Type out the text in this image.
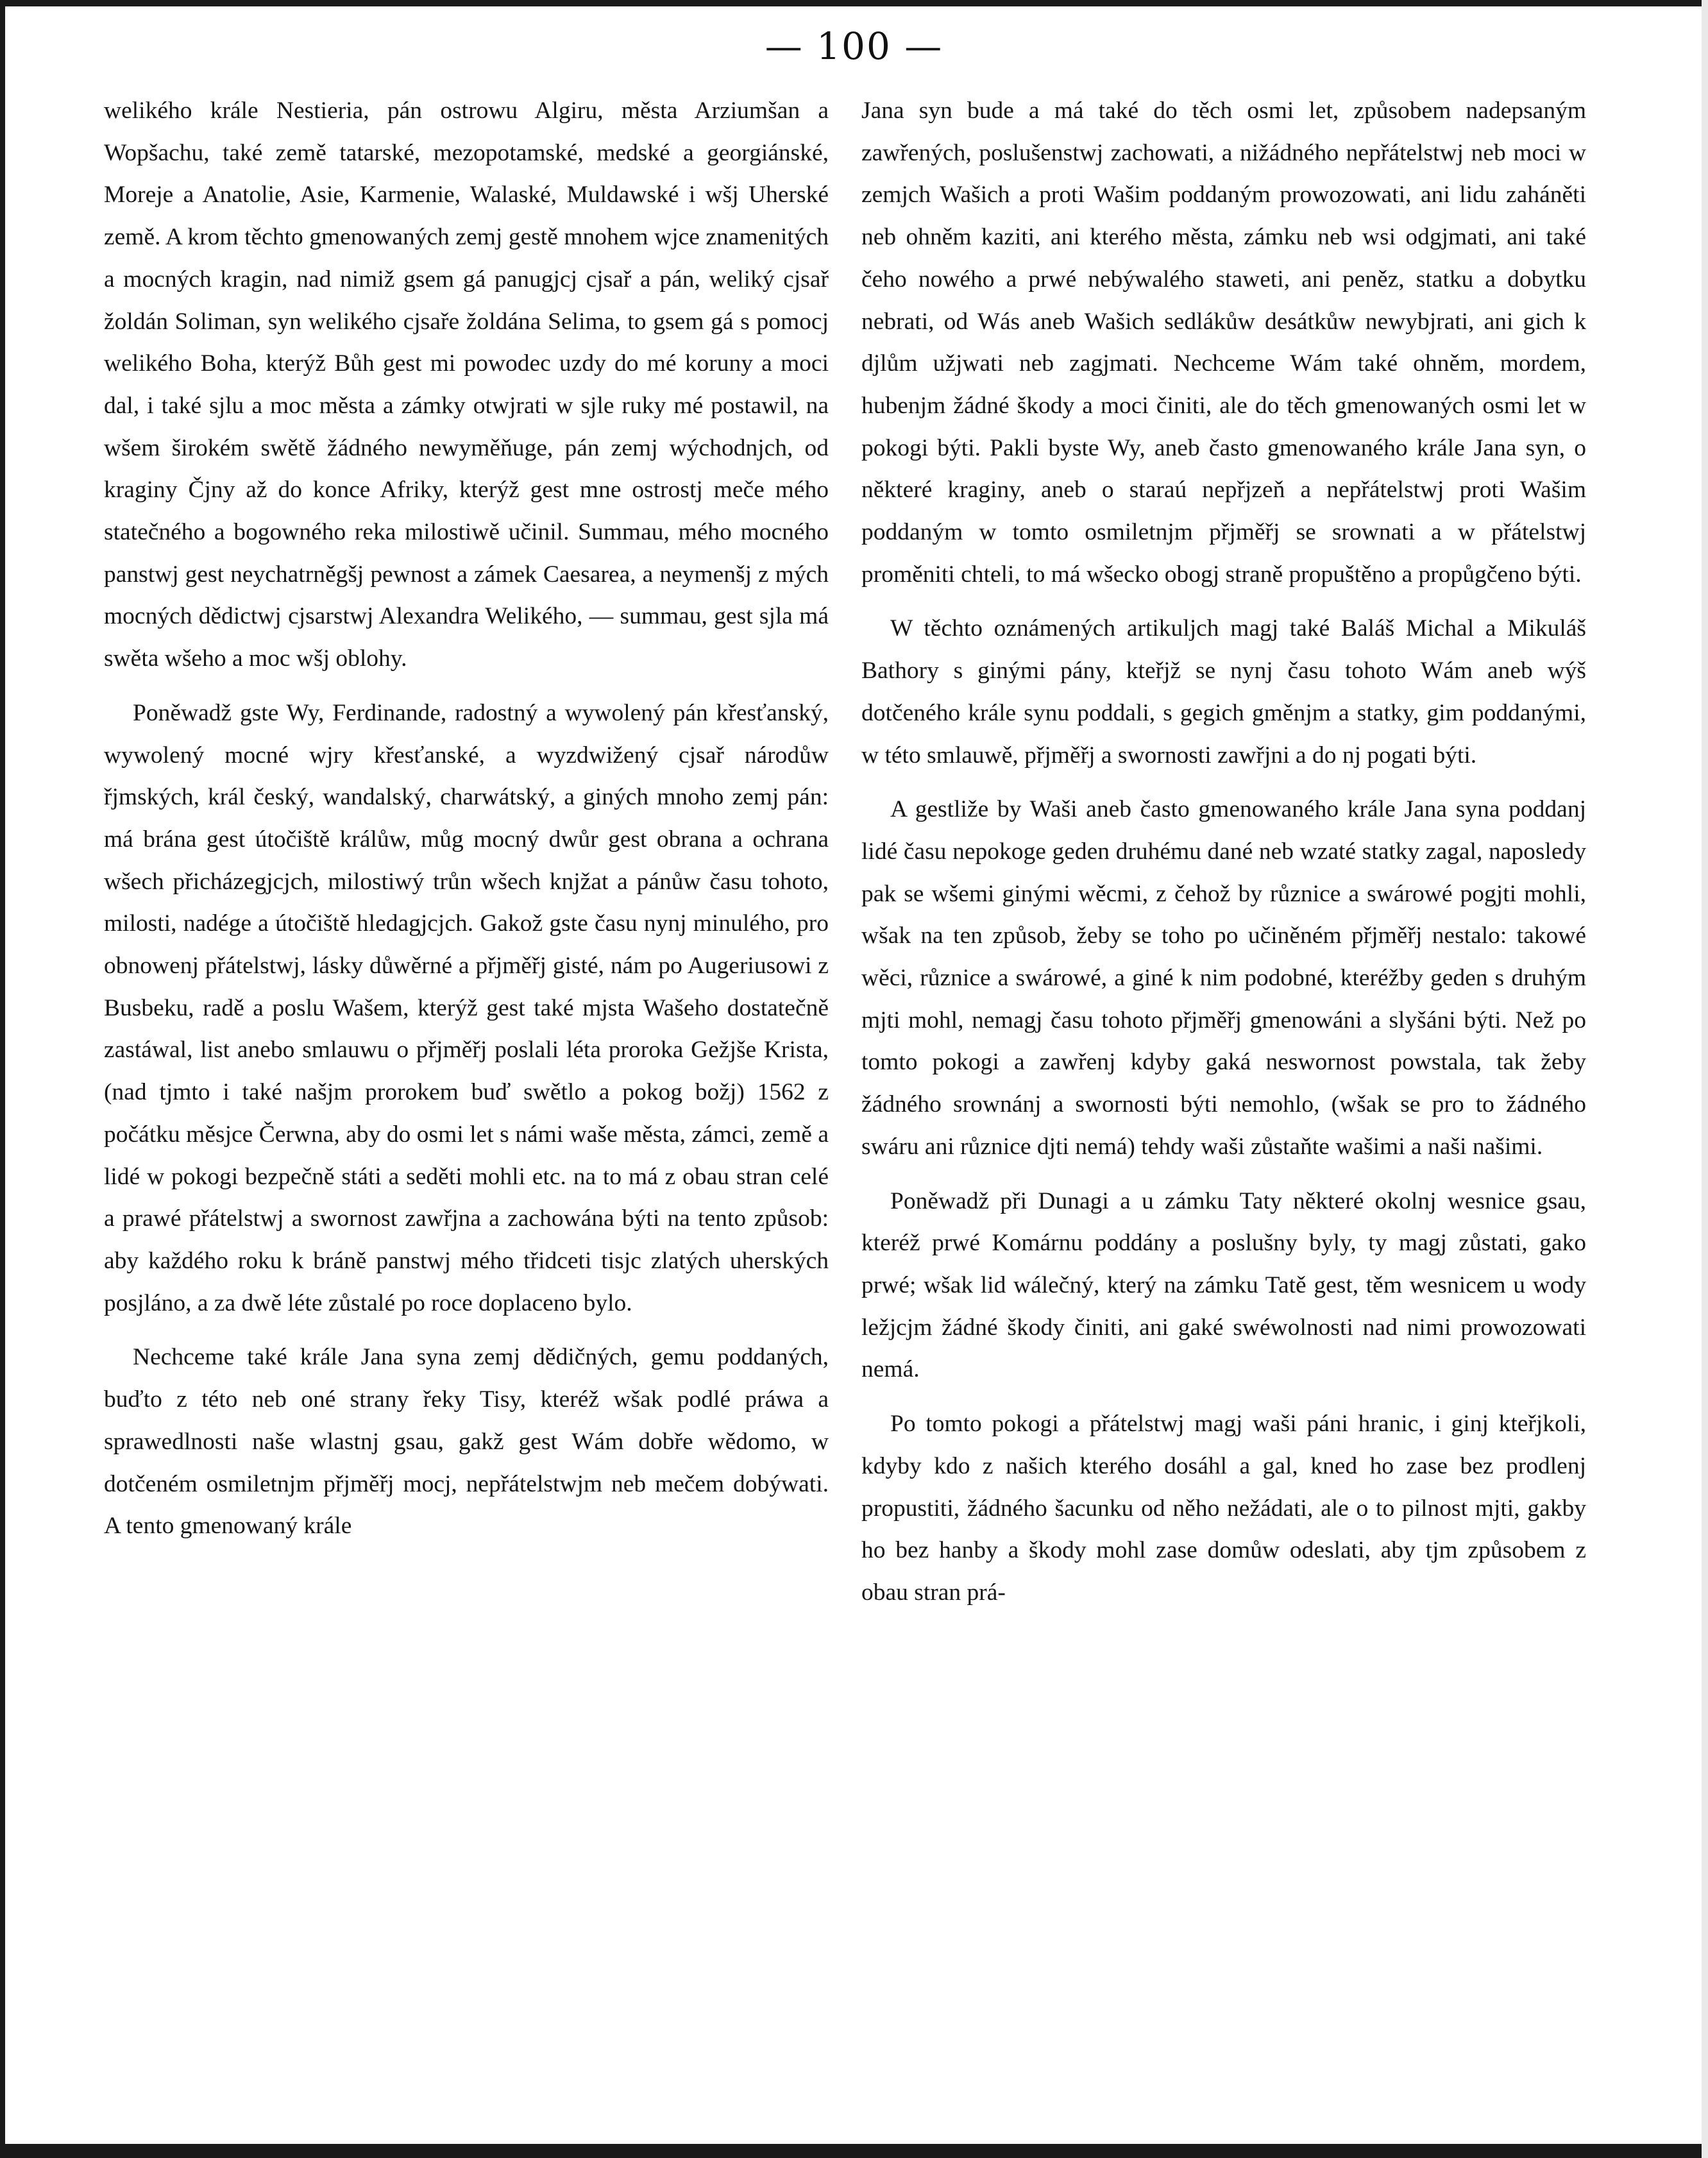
— 100 —

welikého krále Nestieria, pán ostrowu Algiru, města Arziumšan a Wopšachu, také země tatarské, mezopotamské, medské a georgiánské, Moreje a Anatolie, Asie, Karmenie, Walaské, Muldawské i wšj Uherské země. A krom těchto gmenowaných zemj gestě mnohem wjce znamenitých a mocných kragin, nad nimiž gsem gá panugjcj cjsař a pán, weliký cjsař žoldán Soliman, syn welikého cjsaře žoldána Selima, to gsem gá s pomocj welikého Boha, kterýž Bůh gest mi powodec uzdy do mé koruny a moci dal, i také sjlu a moc města a zámky otwjrati w sjle ruky mé postawil, na wšem širokém swětě žádného newyměňuge, pán zemj wýchodnjch, od kraginy Čjny až do konce Afriky, kterýž gest mne ostrostj meče mého statečného a bogowného reka milostiwě učinil. Summau, mého mocného panstwj gest neychatrněgšj pewnost a zámek Caesarea, a neymenšj z mých mocných dědictwj cjsarstwj Alexandra Welikého, — summau, gest sjla má swěta wšeho a moc wšj oblohy.

Poněwadž gste Wy, Ferdinande, radostný a wywolený pán křesťanský, wywolený mocné wjry křesťanské, a wyzdwižený cjsař národůw řjmských, král český, wandalský, charwátský, a giných mnoho zemj pán: má brána gest útočiště králůw, můg mocný dwůr gest obrana a ochrana wšech přicházegjcjch, milostiwý trůn wšech knjžat a pánůw času tohoto, milosti, nadége a útočiště hledagjcjch. Gakož gste času nynj minulého, pro obnowenj přátelstwj, lásky důwěrné a přjměřj gisté, nám po Augeriusowi z Busbeku, radě a poslu Wašem, kterýž gest také mjsta Wašeho dostatečně zastáwal, list anebo smlauwu o přjměřj poslali léta proroka Gežjše Krista, (nad tjmto i také našjm prorokem buď swětlo a pokog božj) 1562 z počátku měsjce Čerwna, aby do osmi let s námi waše města, zámci, země a lidé w pokogi bezpečně státi a seděti mohli etc. na to má z obau stran celé a prawé přátelstwj a swornost zawřjna a zachowána býti na tento způsob: aby každého roku k bráně panstwj mého třidceti tisjc zlatých uherských posjláno, a za dwě léte zůstalé po roce doplaceno bylo.

Nechceme také krále Jana syna zemj dědičných, gemu poddaných, buďto z této neb oné strany řeky Tisy, kteréž wšak podlé práwa a sprawedlnosti naše wlastnj gsau, gakž gest Wám dobře wědomo, w dotčeném osmiletnjm přjměřj mocj, nepřátelstwjm neb mečem dobýwati. A tento gmenowaný krále

Jana syn bude a má také do těch osmi let, způsobem nadepsaným zawřených, poslušenstwj zachowati, a nižádného nepřátelstwj neb moci w zemjch Wašich a proti Wašim poddaným prowozowati, ani lidu zaháněti neb ohněm kaziti, ani kterého města, zámku neb wsi odgjmati, ani také čeho nowého a prwé nebýwalého staweti, ani peněz, statku a dobytku nebrati, od Wás aneb Wašich sedlákůw desátkůw newybjrati, ani gich k djlům užjwati neb zagjmati. Nechceme Wám také ohněm, mordem, hubenjm žádné škody a moci činiti, ale do těch gmenowaných osmi let w pokogi býti. Pakli byste Wy, aneb často gmenowaného krále Jana syn, o některé kraginy, aneb o staraú nepřjzeň a nepřátelstwj proti Wašim poddaným w tomto osmiletnjm přjměřj se srownati a w přátelstwj proměniti chteli, to má wšecko obogj straně propuštěno a propůgčeno býti.

W těchto oznámených artikuljch magj také Baláš Michal a Mikuláš Bathory s ginými pány, kteřjž se nynj času tohoto Wám aneb wýš dotčeného krále synu poddali, s gegich gměnjm a statky, gim poddanými, w této smlauwě, přjměřj a swornosti zawřjni a do nj pogati býti.

A gestliže by Waši aneb často gmenowaného krále Jana syna poddanj lidé času nepokoge geden druhému dané neb wzaté statky zagal, naposledy pak se wšemi ginými wěcmi, z čehož by různice a swárowé pogjti mohli, wšak na ten způsob, žeby se toho po učiněném přjměřj nestalo: takowé wěci, různice a swárowé, a giné k nim podobné, kteréžby geden s druhým mjti mohl, nemagj času tohoto přjměřj gmenowáni a slyšáni býti. Než po tomto pokogi a zawřenj kdyby gaká neswornost powstala, tak žeby žádného srownánj a swornosti býti nemohlo, (wšak se pro to žádného swáru ani různice djti nemá) tehdy waši zůstaňte wašimi a naši našimi.

Poněwadž při Dunagi a u zámku Taty některé okolnj wesnice gsau, kteréž prwé Komárnu poddány a poslušny byly, ty magj zůstati, gako prwé; wšak lid wálečný, který na zámku Tatě gest, těm wesnicem u wody ležjcjm žádné škody činiti, ani gaké swéwolnosti nad nimi prowozowati nemá.

Po tomto pokogi a přátelstwj magj waši páni hranic, i ginj kteřjkoli, kdyby kdo z našich kterého dosáhl a gal, kned ho zase bez prodlenj propustiti, žádného šacunku od něho nežádati, ale o to pilnost mjti, gakby ho bez hanby a škody mohl zase domůw odeslati, aby tjm způsobem z obau stran prá-
